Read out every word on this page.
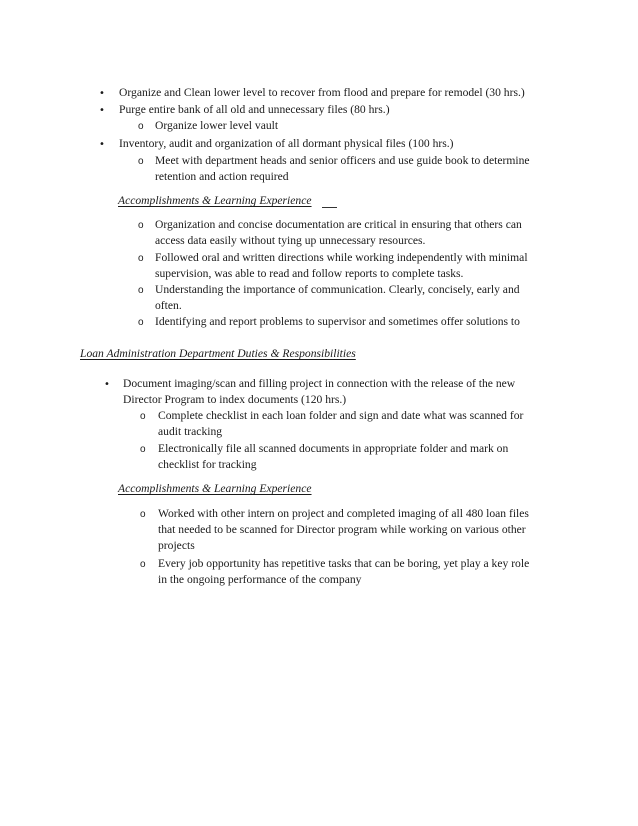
• Organize and Clean lower level to recover from flood and prepare for remodel (30 hrs.)
• Purge entire bank of all old and unnecessary files (80 hrs.)
o Organize lower level vault
• Inventory, audit and organization of all dormant physical files (100 hrs.)
o Meet with department heads and senior officers and use guide book to determine
retention and action required
Accomplishments & Learning Experience
o Organization and concise documentation are critical in ensuring that others can
access data easily without tying up unnecessary resources.
o Followed oral and written directions while working independently with minimal
supervision, was able to read and follow reports to complete tasks.
o Understanding the importance of communication. Clearly, concisely, early and
often.
o Identifying and report problems to supervisor and sometimes offer solutions to
Loan Administration Department Duties & Responsibilities
• Document imaging/scan and filling project in connection with the release of the new
Director Program to index documents (120 hrs.)
o Complete checklist in each loan folder and sign and date what was scanned for
audit tracking
o Electronically file all scanned documents in appropriate folder and mark on
checklist for tracking
Accomplishments & Learning Experience
o Worked with other intern on project and completed imaging of all 480 loan files
that needed to be scanned for Director program while working on various other
projects
o Every job opportunity has repetitive tasks that can be boring, yet play a key role
in the ongoing performance of the company
